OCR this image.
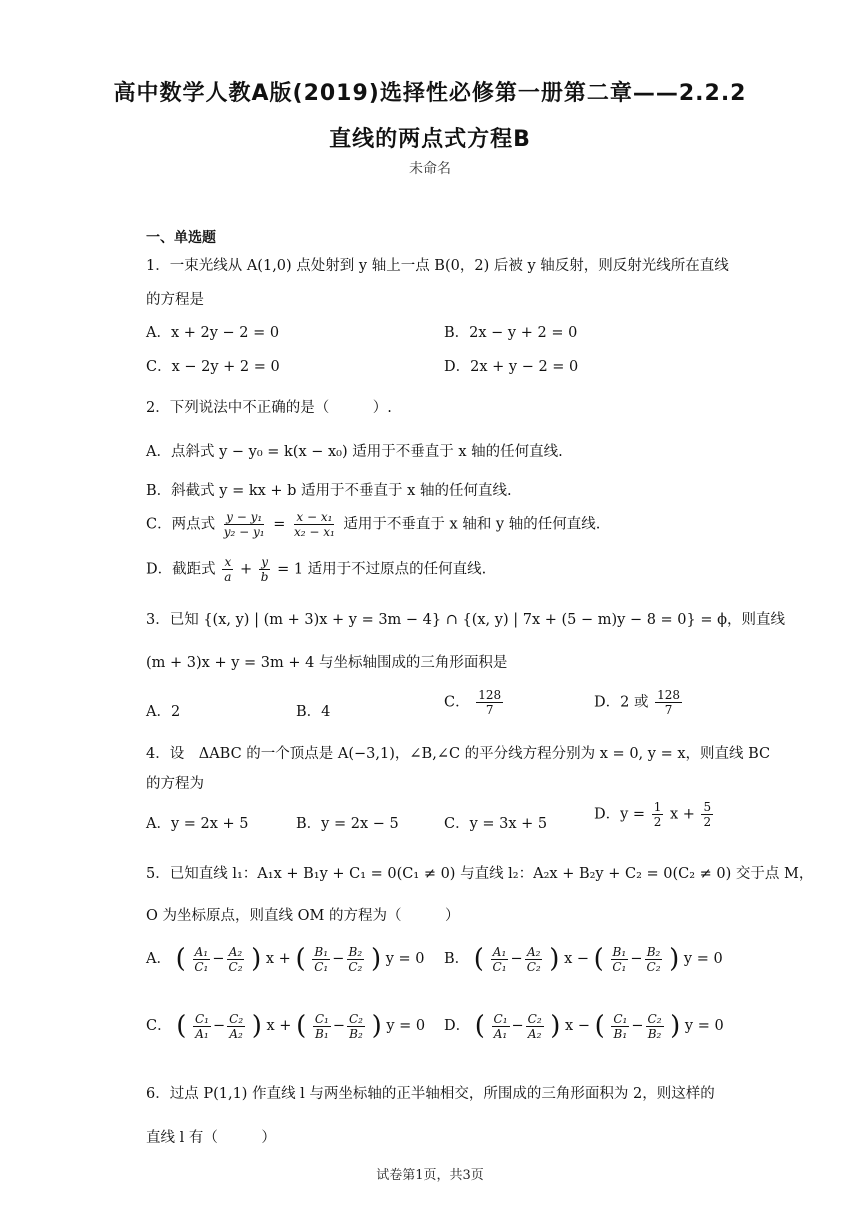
高中数学人教A版(2019)选择性必修第一册第二章——2.2.2
直线的两点式方程B
未命名
一、单选题
1．一束光线从 A(1,0) 点处射到 y 轴上一点 B(0，2) 后被 y 轴反射，则反射光线所在直线
的方程是
A．x + 2y − 2 = 0	B．2x − y + 2 = 0
C．x − 2y + 2 = 0	D．2x + y − 2 = 0
2．下列说法中不正确的是（　　　）.
A．点斜式 y − y₀ = k(x − x₀) 适用于不垂直于 x 轴的任何直线.
B．斜截式 y = kx + b 适用于不垂直于 x 轴的任何直线.
C．两点式 $\frac{\text{y − y₁}}{\text{y₂ − y₁}} = \frac{\text{x − x₁}}{\text{x₂ − x₁}}$ 适用于不垂直于 x 轴和 y 轴的任何直线.
D．截距式 $\frac{x}{a} + \frac{y}{b} = 1$ 适用于不过原点的任何直线.
3．已知 {(x, y) | (m + 3)x + y = 3m − 4} ∩ {(x, y) | 7x + (5 − m)y − 8 = 0} = ϕ，则直线
(m + 3)x + y = 3m + 4 与坐标轴围成的三角形面积是
A．2	B．4
C． $\frac{128}{7}$	D．2 或 $\frac{128}{7}$
4．设　ΔABC 的一个顶点是 A(−3,1)，∠B,∠C 的平分线方程分别为 x = 0, y = x，则直线 BC
的方程为
A．y = 2x + 5	B．y = 2x − 5	C．y = 3x + 5
D．$y = \frac{1}{2}$ $x + \frac{5}{2}$
5．已知直线 l₁：A₁x + B₁y + C₁ = 0(C₁ ≠ 0) 与直线 l₂：A₂x + B₂y + C₂ = 0(C₂ ≠ 0) 交于点 M，
O 为坐标原点，则直线 OM 的方程为（　　　）
A． ( $\frac{\text{A₁}}{\text{C₁}} - \frac{\text{A₂}}{\text{C₂}}$ ) x + ( $\frac{\text{B₁}}{\text{C₁}} - \frac{\text{B₂}}{\text{C₂}}$ ) y = 0 B． ( $\frac{\text{A₁}}{\text{C₁}} - \frac{\text{A₂}}{\text{C₂}}$ ) x − ( $\frac{\text{B₁}}{\text{C₁}} - \frac{\text{B₂}}{\text{C₂}}$ ) y = 0
C． ( $\frac{\text{C₁}}{\text{A₁}} - \frac{\text{C₂}}{\text{A₂}}$ ) x + ( $\frac{\text{C₁}}{\text{B₁}} - \frac{\text{C₂}}{\text{B₂}}$ ) y = 0 D． ( $\frac{\text{C₁}}{\text{A₁}} - \frac{\text{C₂}}{\text{A₂}}$ ) x − ( $\frac{\text{C₁}}{\text{B₁}} - \frac{\text{C₂}}{\text{B₂}}$ ) y = 0
6．过点 P(1,1) 作直线 l 与两坐标轴的正半轴相交，所围成的三角形面积为 2，则这样的
直线 l 有（　　　）
试卷第1页，共3页
